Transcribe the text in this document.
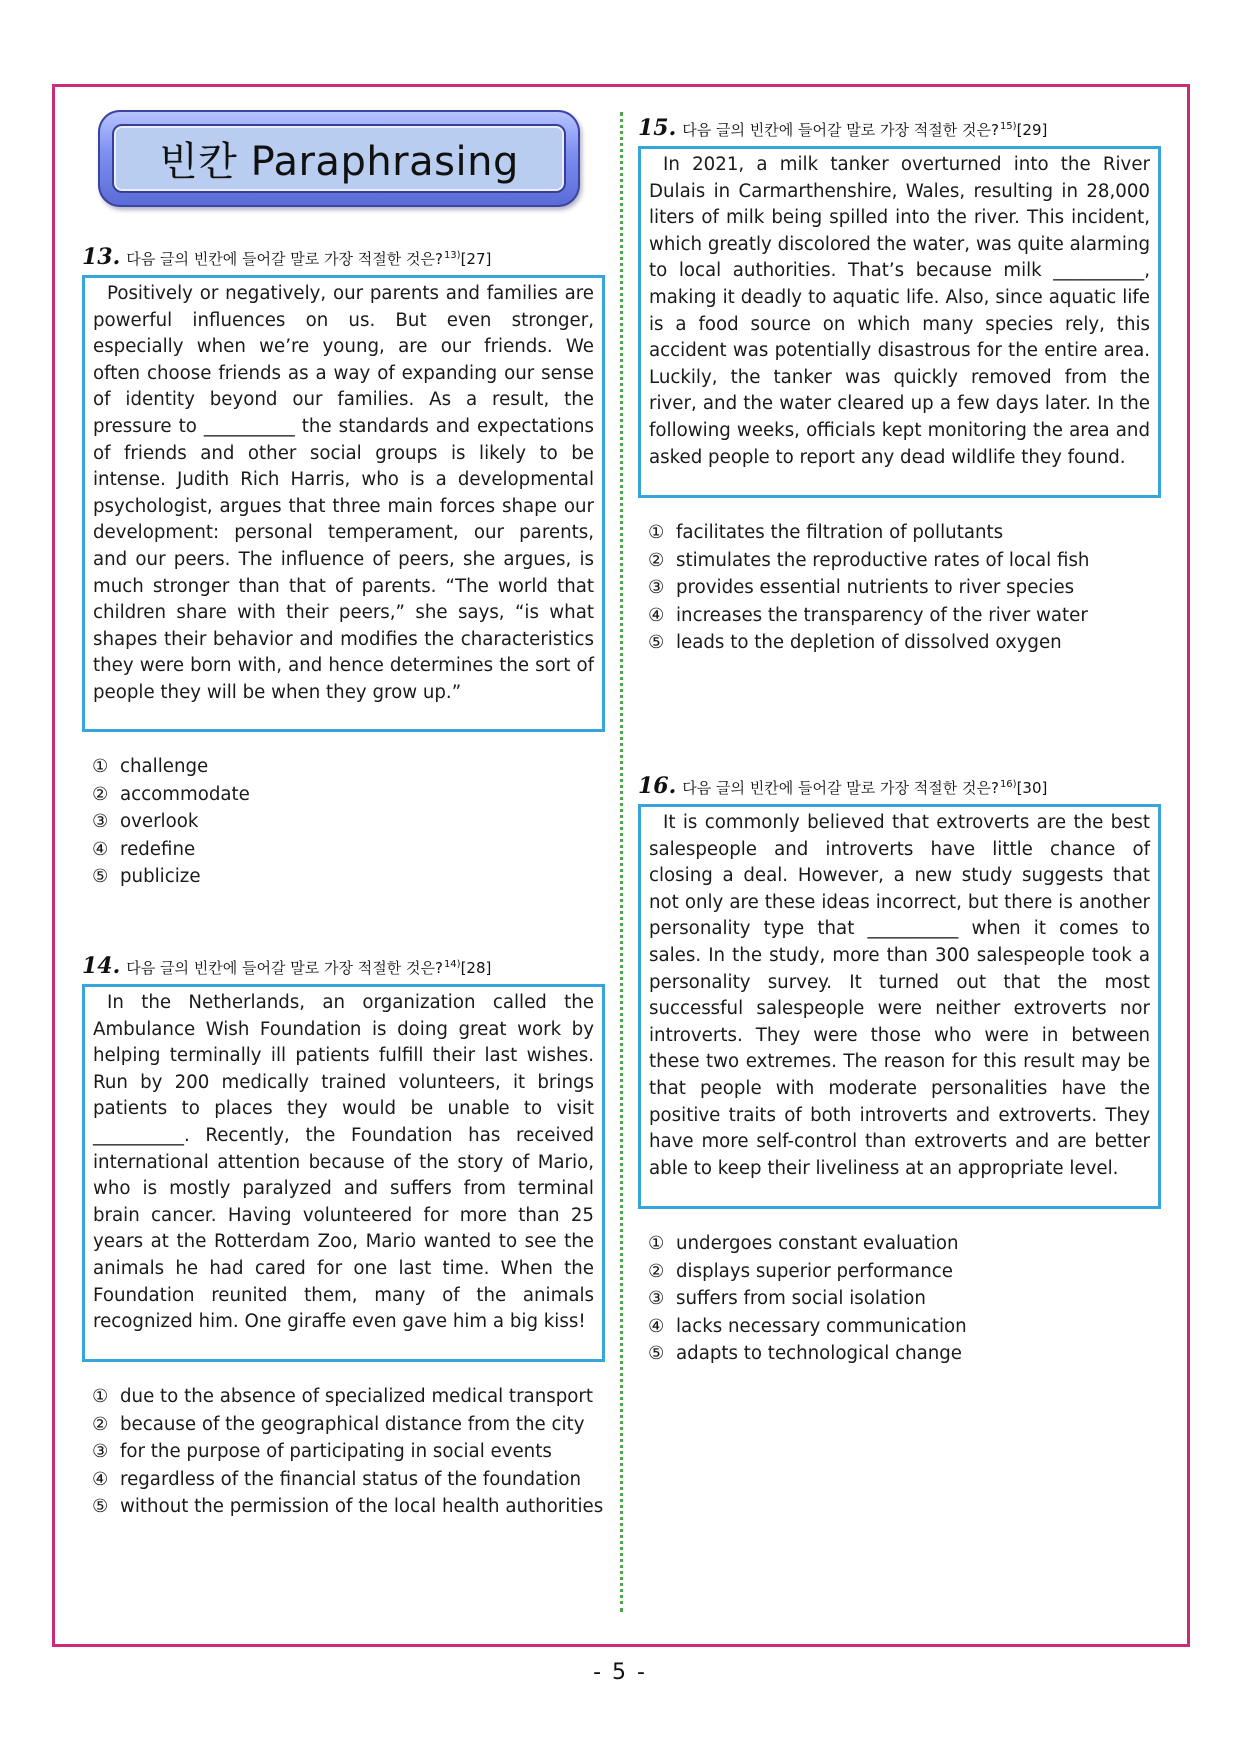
빈칸 Paraphrasing
13. 다음 글의 빈칸에 들어갈 말로 가장 적절한 것은?$^{13)}$[27]
Positively or negatively, our parents and families are powerful influences on us. But even stronger, especially when we’re young, are our friends. We often choose friends as a way of expanding our sense of identity beyond our families. As a result, the pressure to __________ the standards and expectations of friends and other social groups is likely to be intense. Judith Rich Harris, who is a developmental psychologist, argues that three main forces shape our development: personal temperament, our parents, and our peers. The influence of peers, she argues, is much stronger than that of parents. “The world that children share with their peers,” she says, “is what shapes their behavior and modifies the characteristics they were born with, and hence determines the sort of people they will be when they grow up.”
① challenge
② accommodate
③ overlook
④ redefine
⑤ publicize
14. 다음 글의 빈칸에 들어갈 말로 가장 적절한 것은?$^{14)}$[28]
In the Netherlands, an organization called the Ambulance Wish Foundation is doing great work by helping terminally ill patients fulfill their last wishes. Run by 200 medically trained volunteers, it brings patients to places they would be unable to visit __________. Recently, the Foundation has received international attention because of the story of Mario, who is mostly paralyzed and suffers from terminal brain cancer. Having volunteered for more than 25 years at the Rotterdam Zoo, Mario wanted to see the animals he had cared for one last time. When the Foundation reunited them, many of the animals recognized him. One giraffe even gave him a big kiss!
① due to the absence of specialized medical transport
② because of the geographical distance from the city
③ for the purpose of participating in social events
④ regardless of the financial status of the foundation
⑤ without the permission of the local health authorities
15. 다음 글의 빈칸에 들어갈 말로 가장 적절한 것은?$^{15)}$[29]
In 2021, a milk tanker overturned into the River Dulais in Carmarthenshire, Wales, resulting in 28,000 liters of milk being spilled into the river. This incident, which greatly discolored the water, was quite alarming to local authorities. That’s because milk __________, making it deadly to aquatic life. Also, since aquatic life is a food source on which many species rely, this accident was potentially disastrous for the entire area. Luckily, the tanker was quickly removed from the river, and the water cleared up a few days later. In the following weeks, officials kept monitoring the area and asked people to report any dead wildlife they found.
① facilitates the filtration of pollutants
② stimulates the reproductive rates of local fish
③ provides essential nutrients to river species
④ increases the transparency of the river water
⑤ leads to the depletion of dissolved oxygen
16. 다음 글의 빈칸에 들어갈 말로 가장 적절한 것은?$^{16)}$[30]
It is commonly believed that extroverts are the best salespeople and introverts have little chance of closing a deal. However, a new study suggests that not only are these ideas incorrect, but there is another personality type that __________ when it comes to sales. In the study, more than 300 salespeople took a personality survey. It turned out that the most successful salespeople were neither extroverts nor introverts. They were those who were in between these two extremes. The reason for this result may be that people with moderate personalities have the positive traits of both introverts and extroverts. They have more self-control than extroverts and are better able to keep their liveliness at an appropriate level.
① undergoes constant evaluation
② displays superior performance
③ suffers from social isolation
④ lacks necessary communication
⑤ adapts to technological change
- 5 -
